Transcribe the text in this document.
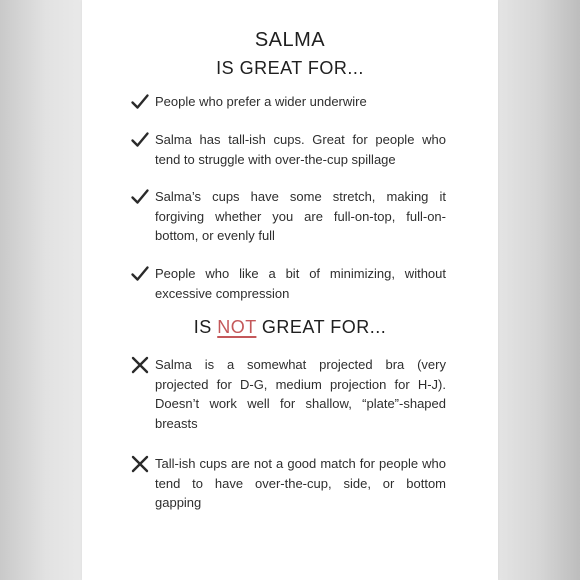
SALMA
IS GREAT FOR...
People who prefer a wider underwire
Salma has tall-ish cups. Great for people who tend to struggle with over-the-cup spillage
Salma’s cups have some stretch, making it forgiving whether you are full-on-top, full-on-bottom, or evenly full
People who like a bit of minimizing, without excessive compression
IS NOT GREAT FOR...
Salma is a somewhat projected bra (very projected for D-G, medium projection for H-J). Doesn’t work well for shallow, “plate”-shaped breasts
Tall-ish cups are not a good match for people who tend to have over-the-cup, side, or bottom gapping
